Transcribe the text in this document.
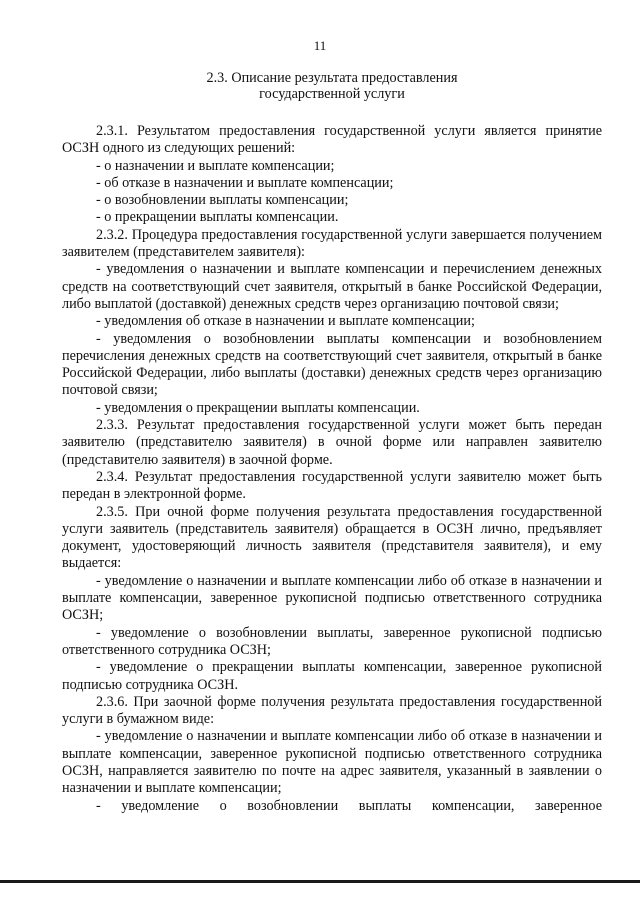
11
2.3. Описание результата предоставления
государственной услуги

2.3.1. Результатом предоставления государственной услуги является принятие ОСЗН одного из следующих решений:

- о назначении и выплате компенсации;

- об отказе в назначении и выплате компенсации;

- о возобновлении выплаты компенсации;

- о прекращении выплаты компенсации.

2.3.2. Процедура предоставления государственной услуги завершается получением заявителем (представителем заявителя):

- уведомления о назначении и выплате компенсации и перечислением денежных средств на соответствующий счет заявителя, открытый в банке Российской Федерации, либо выплатой (доставкой) денежных средств через организацию почтовой связи;

- уведомления об отказе в назначении и выплате компенсации;

- уведомления о возобновлении выплаты компенсации и возобновлением перечисления денежных средств на соответствующий счет заявителя, открытый в банке Российской Федерации, либо выплаты (доставки) денежных средств через организацию почтовой связи;

- уведомления о прекращении выплаты компенсации.

2.3.3. Результат предоставления государственной услуги может быть передан заявителю (представителю заявителя) в очной форме или направлен заявителю (представителю заявителя) в заочной форме.

2.3.4. Результат предоставления государственной услуги заявителю может быть передан в электронной форме.

2.3.5. При очной форме получения результата предоставления государственной услуги заявитель (представитель заявителя) обращается в ОСЗН лично, предъявляет документ, удостоверяющий личность заявителя (представителя заявителя), и ему выдается:

- уведомление о назначении и выплате компенсации либо об отказе в назначении и выплате компенсации, заверенное рукописной подписью ответственного сотрудника ОСЗН;

- уведомление о возобновлении выплаты, заверенное рукописной подписью ответственного сотрудника ОСЗН;

- уведомление о прекращении выплаты компенсации, заверенное рукописной подписью сотрудника ОСЗН.

2.3.6. При заочной форме получения результата предоставления государственной услуги в бумажном виде:

- уведомление о назначении и выплате компенсации либо об отказе в назначении и выплате компенсации, заверенное рукописной подписью ответственного сотрудника ОСЗН, направляется заявителю по почте на адрес заявителя, указанный в заявлении о назначении и выплате компенсации;

- уведомление о возобновлении выплаты компенсации, заверенное
